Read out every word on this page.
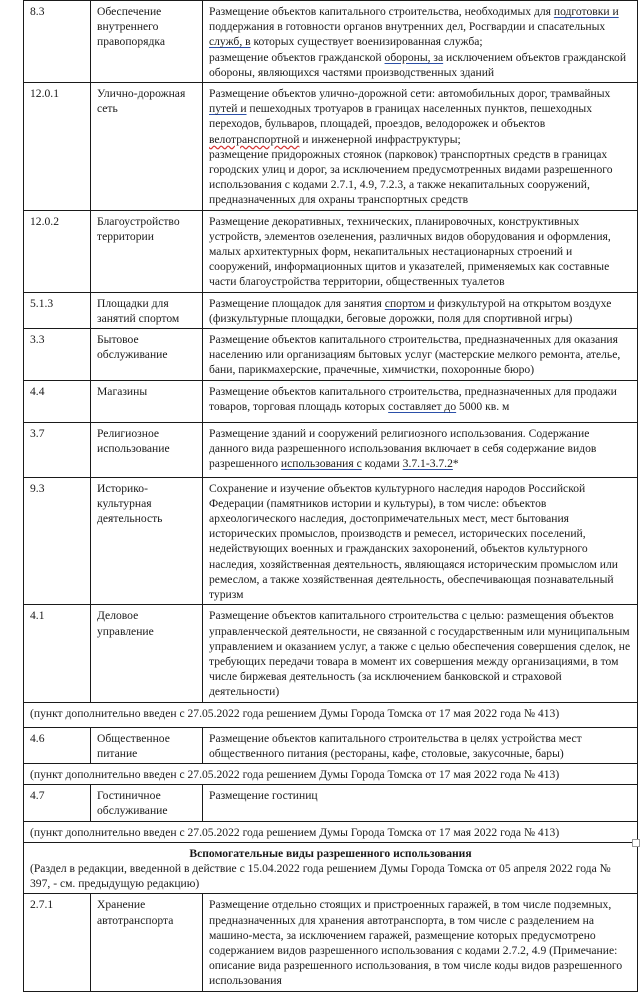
8.3	Обеспечение внутреннего правопорядка	Размещение объектов капитального строительства, необходимых для подготовки и поддержания в готовности органов внутренних дел, Росгвардии и спасательных служб, в которых существует военизированная служба;
размещение объектов гражданской обороны, за исключением объектов гражданской обороны, являющихся частями производственных зданий
12.0.1	Улично-дорожная сеть	Размещение объектов улично-дорожной сети: автомобильных дорог, трамвайных путей и пешеходных тротуаров в границах населенных пунктов, пешеходных переходов, бульваров, площадей, проездов, велодорожек и объектов велотранспортной и инженерной инфраструктуры;
размещение придорожных стоянок (парковок) транспортных средств в границах городских улиц и дорог, за исключением предусмотренных видами разрешенного использования с кодами 2.7.1, 4.9, 7.2.3, а также некапитальных сооружений, предназначенных для охраны транспортных средств
12.0.2	Благоустройство территории	Размещение декоративных, технических, планировочных, конструктивных устройств, элементов озеленения, различных видов оборудования и оформления, малых архитектурных форм, некапитальных нестационарных строений и сооружений, информационных щитов и указателей, применяемых как составные части благоустройства территории, общественных туалетов
5.1.3	Площадки для занятий спортом	Размещение площадок для занятия спортом и физкультурой на открытом воздухе (физкультурные площадки, беговые дорожки, поля для спортивной игры)
3.3	Бытовое обслуживание	Размещение объектов капитального строительства, предназначенных для оказания населению или организациям бытовых услуг (мастерские мелкого ремонта, ателье, бани, парикмахерские, прачечные, химчистки, похоронные бюро)
4.4	Магазины	Размещение объектов капитального строительства, предназначенных для продажи товаров, торговая площадь которых составляет до 5000 кв. м
3.7	Религиозное использование	Размещение зданий и сооружений религиозного использования. Содержание данного вида разрешенного использования включает в себя содержание видов разрешенного использования с кодами 3.7.1-3.7.2*
9.3	Историко-культурная деятельность	Сохранение и изучение объектов культурного наследия народов Российской Федерации (памятников истории и культуры), в том числе: объектов археологического наследия, достопримечательных мест, мест бытования исторических промыслов, производств и ремесел, исторических поселений, недействующих военных и гражданских захоронений, объектов культурного наследия, хозяйственная деятельность, являющаяся историческим промыслом или ремеслом, а также хозяйственная деятельность, обеспечивающая познавательный туризм
4.1	Деловое управление	Размещение объектов капитального строительства с целью: размещения объектов управленческой деятельности, не связанной с государственным или муниципальным управлением и оказанием услуг, а также с целью обеспечения совершения сделок, не требующих передачи товара в момент их совершения между организациями, в том числе биржевая деятельность (за исключением банковской и страховой деятельности)
(пункт дополнительно введен с 27.05.2022 года решением Думы Города Томска от 17 мая 2022 года № 413)		
4.6	Общественное питание	Размещение объектов капитального строительства в целях устройства мест общественного питания (рестораны, кафе, столовые, закусочные, бары)
(пункт дополнительно введен с 27.05.2022 года решением Думы Города Томска от 17 мая 2022 года № 413)		
4.7	Гостиничное обслуживание	Размещение гостиниц
(пункт дополнительно введен с 27.05.2022 года решением Думы Города Томска от 17 мая 2022 года № 413)		

Вспомогательные виды разрешенного использования
(Раздел в редакции, введенной в действие с 15.04.2022 года решением Думы Города Томска от 05 апреля 2022 года № 397, - см. предыдущую редакцию)		
2.7.1	Хранение автотранспорта	Размещение отдельно стоящих и пристроенных гаражей, в том числе подземных, предназначенных для хранения автотранспорта, в том числе с разделением на машино-места, за исключением гаражей, размещение которых предусмотрено содержанием видов разрешенного использования с кодами 2.7.2, 4.9 (Примечание: описание вида разрешенного использования, в том числе коды видов разрешенного использования
